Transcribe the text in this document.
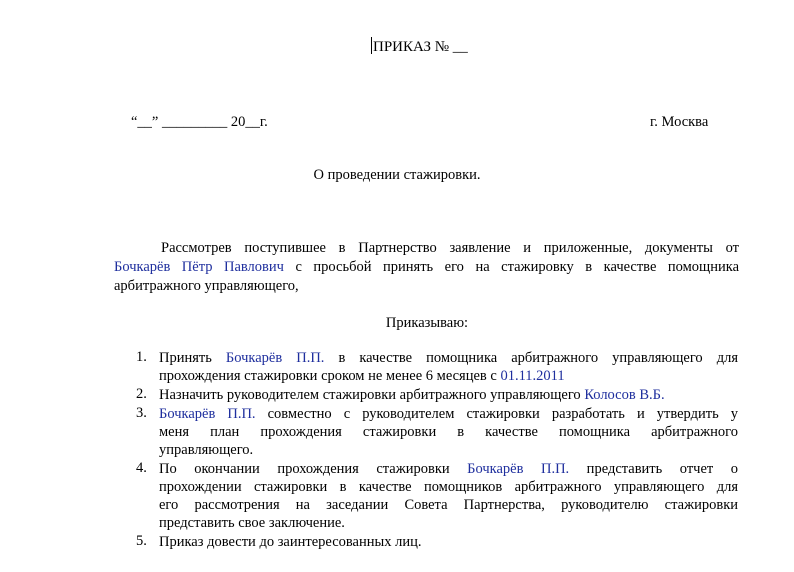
ПРИКАЗ № __
“__” _________ 20__г.	г. Москва
О проведении стажировки.
Рассмотрев поступившее в Партнерство заявление и приложенные, документы от
Бочкарёв Пётр Павлович с просьбой принять его на стажировку в качестве помощника
арбитражного управляющего,
Приказываю:
1. Принять Бочкарёв П.П. в качестве помощника арбитражного управляющего для
прохождения стажировки сроком не менее 6 месяцев с 01.11.2011
2. Назначить руководителем стажировки арбитражного управляющего Колосов В.Б.
3. Бочкарёв П.П. совместно с руководителем стажировки разработать и утвердить у
меня план прохождения стажировки в качестве помощника арбитражного
управляющего.
4. По окончании прохождения стажировки Бочкарёв П.П. представить отчет о
прохождении стажировки в качестве помощников арбитражного управляющего для
его рассмотрения на заседании Совета Партнерства, руководителю стажировки
представить свое заключение.
5. Приказ довести до заинтересованных лиц.
